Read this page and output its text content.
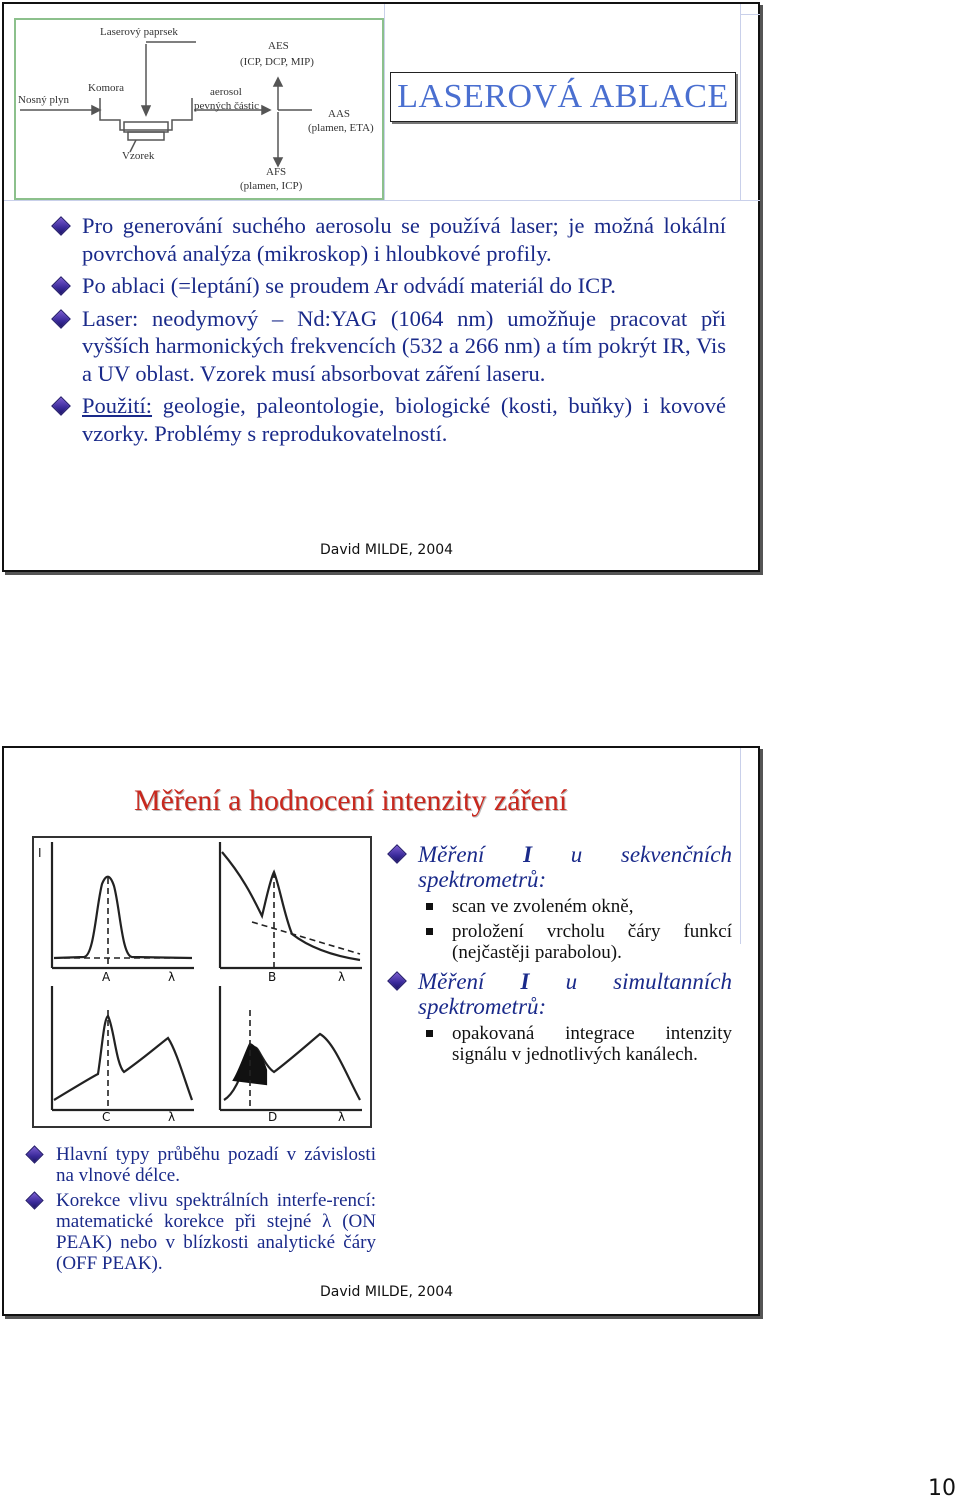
Laserový paprsek
Nosný plyn
Komora
Vzorek
aerosol
pevných částic
AES
(ICP, DCP, MIP)
AAS
(plamen, ETA)
AFS
(plamen, ICP)
LASEROVÁ ABLACE
Pro generování suchého aerosolu se používá laser; je možná lokální povrchová analýza (mikroskop) i hloubkové profily.
Po ablaci (=leptání) se proudem Ar odvádí materiál do ICP.
Laser: neodymový – Nd:YAG (1064 nm) umožňuje pracovat při vyšších harmonických frekvencích (532 a 266 nm) a tím pokrýt IR, Vis a UV oblast. Vzorek musí absorbovat záření laseru.
Použití: geologie, paleontologie, biologické (kosti, buňky) i kovové vzorky. Problémy s reprodukovatelností.
David MILDE, 2004
Měření a hodnocení intenzity záření
I
A	λ	B	λ
C	λ	D	λ
Měření I u sekvenčních spektrometrů:
scan ve zvoleném okně,
proložení vrcholu čáry funkcí (nejčastěji parabolou).
Měření I u simultanních spektrometrů:
opakovaná integrace intenzity signálu v jednotlivých kanálech.
Hlavní typy průběhu pozadí v závislosti na vlnové délce.
Korekce vlivu spektrálních interfe-rencí: matematické korekce při stejné λ (ON PEAK) nebo v blízkosti analytické čáry (OFF PEAK).
David MILDE, 2004
10
